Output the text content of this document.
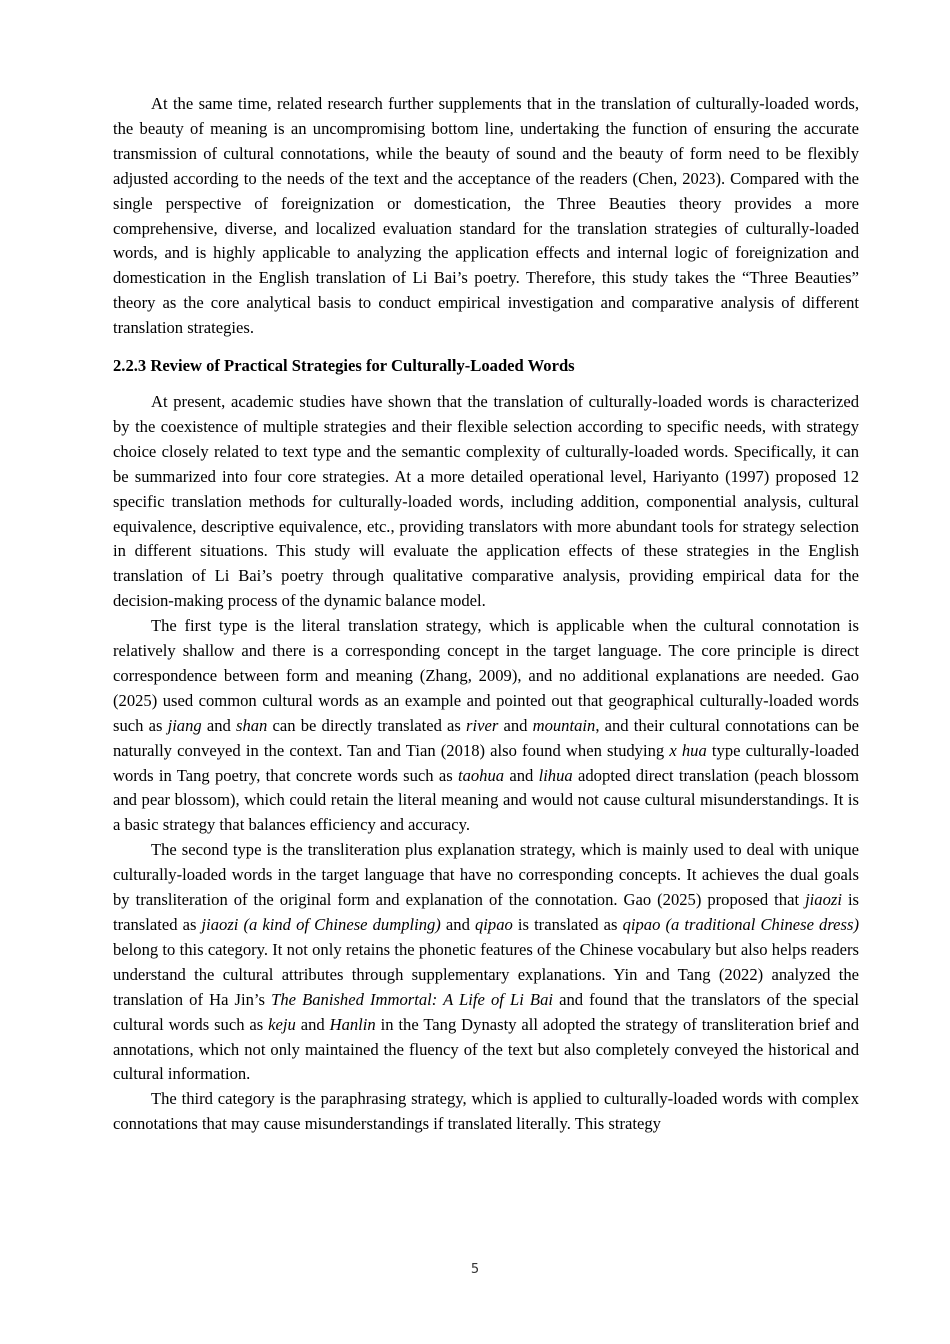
At the same time, related research further supplements that in the translation of culturally-loaded words, the beauty of meaning is an uncompromising bottom line, undertaking the function of ensuring the accurate transmission of cultural connotations, while the beauty of sound and the beauty of form need to be flexibly adjusted according to the needs of the text and the acceptance of the readers (Chen, 2023). Compared with the single perspective of foreignization or domestication, the Three Beauties theory provides a more comprehensive, diverse, and localized evaluation standard for the translation strategies of culturally-loaded words, and is highly applicable to analyzing the application effects and internal logic of foreignization and domestication in the English translation of Li Bai’s poetry. Therefore, this study takes the “Three Beauties” theory as the core analytical basis to conduct empirical investigation and comparative analysis of different translation strategies.

2.2.3 Review of Practical Strategies for Culturally-Loaded Words

At present, academic studies have shown that the translation of culturally-loaded words is characterized by the coexistence of multiple strategies and their flexible selection according to specific needs, with strategy choice closely related to text type and the semantic complexity of culturally-loaded words. Specifically, it can be summarized into four core strategies. At a more detailed operational level, Hariyanto (1997) proposed 12 specific translation methods for culturally-loaded words, including addition, componential analysis, cultural equivalence, descriptive equivalence, etc., providing translators with more abundant tools for strategy selection in different situations. This study will evaluate the application effects of these strategies in the English translation of Li Bai’s poetry through qualitative comparative analysis, providing empirical data for the decision-making process of the dynamic balance model.

The first type is the literal translation strategy, which is applicable when the cultural connotation is relatively shallow and there is a corresponding concept in the target language. The core principle is direct correspondence between form and meaning (Zhang, 2009), and no additional explanations are needed. Gao (2025) used common cultural words as an example and pointed out that geographical culturally-loaded words such as jiang and shan can be directly translated as river and mountain, and their cultural connotations can be naturally conveyed in the context. Tan and Tian (2018) also found when studying x hua type culturally-loaded words in Tang poetry, that concrete words such as taohua and lihua adopted direct translation (peach blossom and pear blossom), which could retain the literal meaning and would not cause cultural misunderstandings. It is a basic strategy that balances efficiency and accuracy.

The second type is the transliteration plus explanation strategy, which is mainly used to deal with unique culturally-loaded words in the target language that have no corresponding concepts. It achieves the dual goals by transliteration of the original form and explanation of the connotation. Gao (2025) proposed that jiaozi is translated as jiaozi (a kind of Chinese dumpling) and qipao is translated as qipao (a traditional Chinese dress) belong to this category. It not only retains the phonetic features of the Chinese vocabulary but also helps readers understand the cultural attributes through supplementary explanations. Yin and Tang (2022) analyzed the translation of Ha Jin’s The Banished Immortal: A Life of Li Bai and found that the translators of the special cultural words such as keju and Hanlin in the Tang Dynasty all adopted the strategy of transliteration brief and annotations, which not only maintained the fluency of the text but also completely conveyed the historical and cultural information.

The third category is the paraphrasing strategy, which is applied to culturally-loaded words with complex connotations that may cause misunderstandings if translated literally. This strategy

5
